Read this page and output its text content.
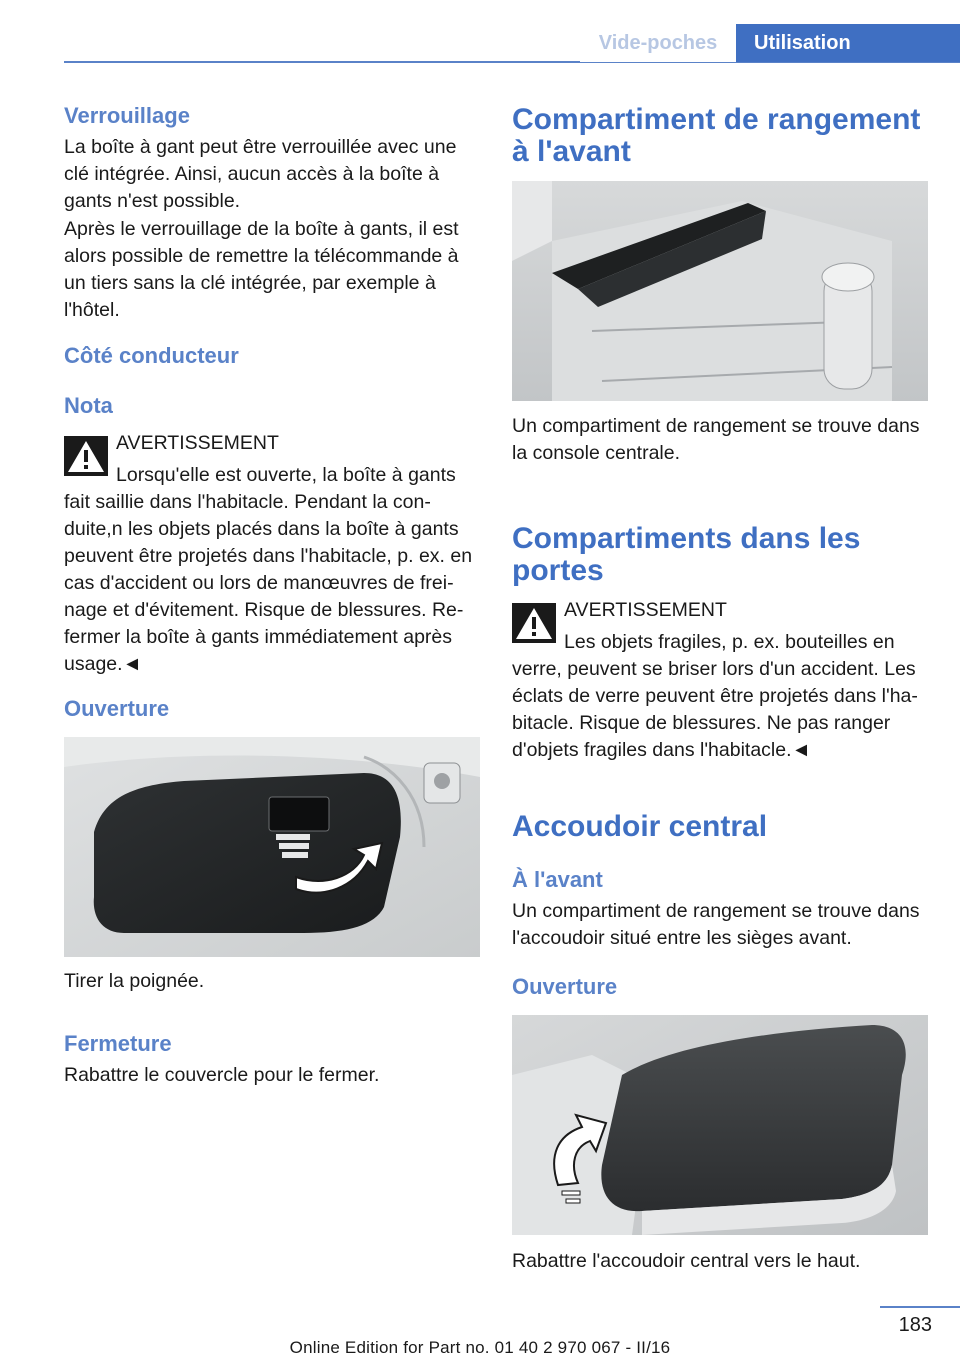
Vide-poches	Utilisation
Verrouillage
La boîte à gant peut être verrouillée avec une clé intégrée. Ainsi, aucun accès à la boîte à gants n'est possible.
Après le verrouillage de la boîte à gants, il est alors possible de remettre la télécommande à un tiers sans la clé intégrée, par exemple à l'hôtel.
Côté conducteur
Nota
AVERTISSEMENT
Lorsqu'elle est ouverte, la boîte à gants
fait saillie dans l'habitacle. Pendant la con‐ duite,n les objets placés dans la boîte à gants peuvent être projetés dans l'habitacle, p. ex. en cas d'accident ou lors de manœuvres de frei‐ nage et d'évitement. Risque de blessures. Re‐ fermer la boîte à gants immédiatement après usage.◄
Ouverture
Tirer la poignée.
Fermeture
Rabattre le couvercle pour le fermer.
Compartiment de rangement à l'avant
Un compartiment de rangement se trouve dans la console centrale.
Compartiments dans les portes
AVERTISSEMENT
Les objets fragiles, p. ex. bouteilles en
verre, peuvent se briser lors d'un accident. Les éclats de verre peuvent être projetés dans l'ha‐ bitacle. Risque de blessures. Ne pas ranger d'objets fragiles dans l'habitacle.◄
Accoudoir central
À l'avant
Un compartiment de rangement se trouve dans l'accoudoir situé entre les sièges avant.
Ouverture
Rabattre l'accoudoir central vers le haut.
183
Online Edition for Part no. 01 40 2 970 067 - II/16
